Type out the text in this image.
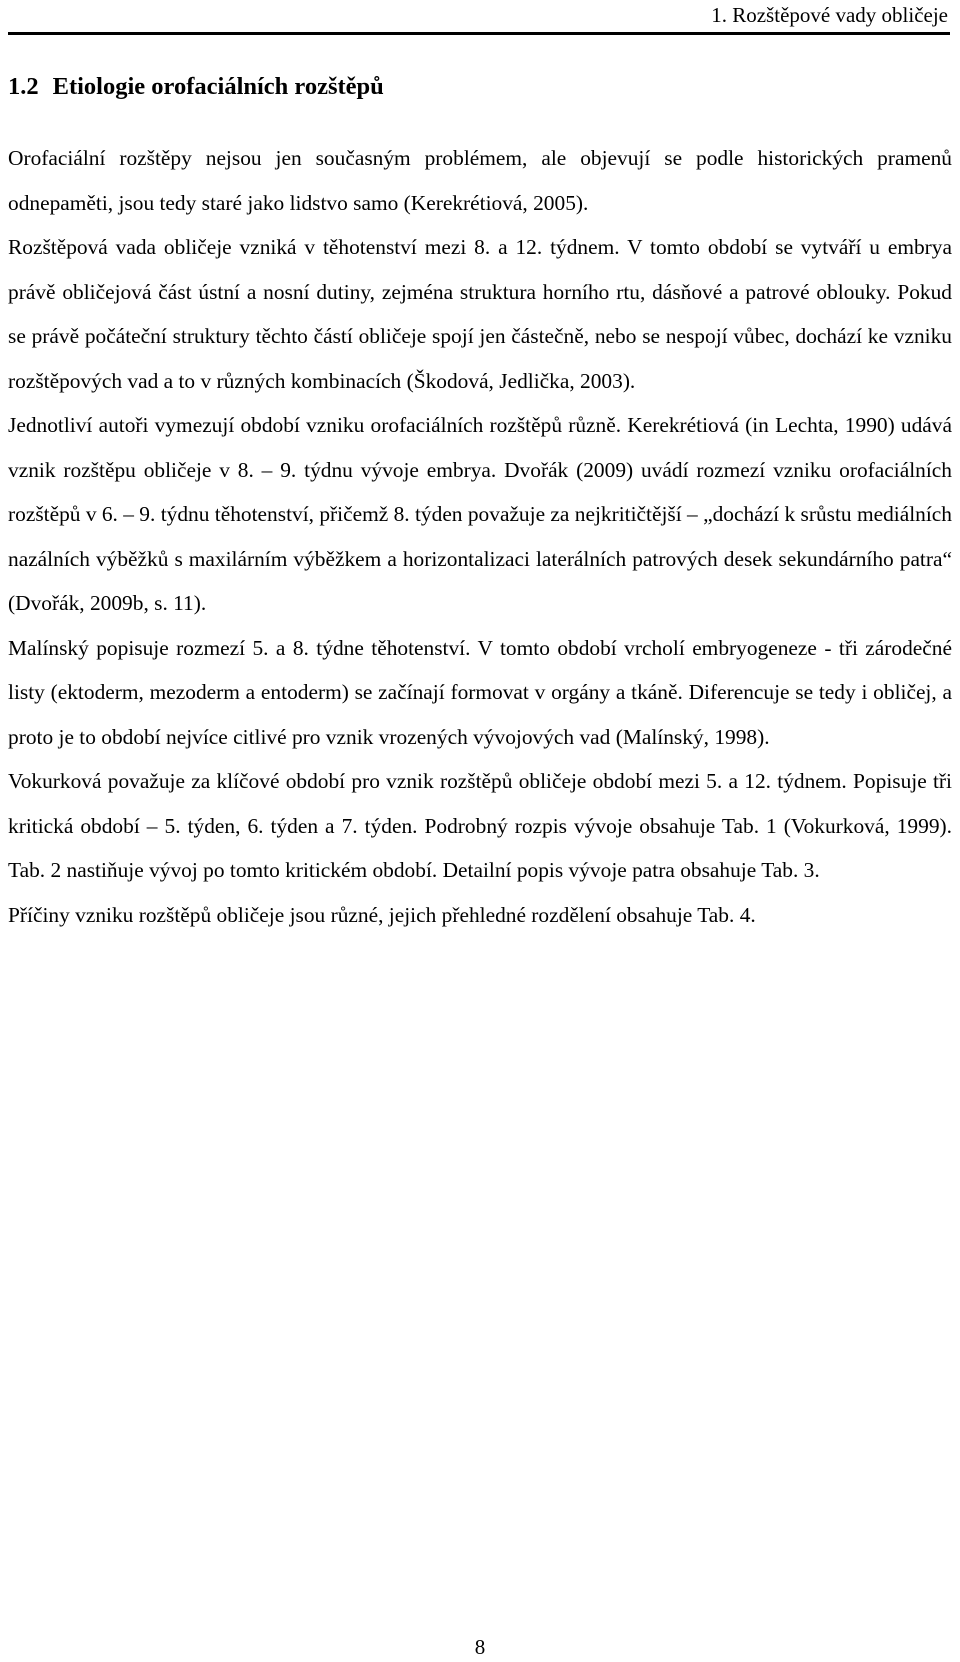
1. Rozštěpové vady obličeje
1.2 Etiologie orofaciálních rozštěpů

Orofaciální rozštěpy nejsou jen současným problémem, ale objevují se podle historických pramenů odnepaměti, jsou tedy staré jako lidstvo samo (Kerekrétiová, 2005).

Rozštěpová vada obličeje vzniká v těhotenství mezi 8. a 12. týdnem. V tomto období se vytváří u embrya právě obličejová část ústní a nosní dutiny, zejména struktura horního rtu, dásňové a patrové oblouky. Pokud se právě počáteční struktury těchto částí obličeje spojí jen částečně, nebo se nespojí vůbec, dochází ke vzniku rozštěpových vad a to v různých kombinacích (Škodová, Jedlička, 2003).

Jednotliví autoři vymezují období vzniku orofaciálních rozštěpů různě. Kerekrétiová (in Lechta, 1990) udává vznik rozštěpu obličeje v 8. – 9. týdnu vývoje embrya. Dvořák (2009) uvádí rozmezí vzniku orofaciálních rozštěpů v 6. – 9. týdnu těhotenství, přičemž 8. týden považuje za nejkritičtější – „dochází k srůstu mediálních nazálních výběžků s maxilárním výběžkem a horizontalizaci laterálních patrových desek sekundárního patra“ (Dvořák, 2009b, s. 11).

Malínský popisuje rozmezí 5. a 8. týdne těhotenství. V tomto období vrcholí embryogeneze - tři zárodečné listy (ektoderm, mezoderm a entoderm) se začínají formovat v orgány a tkáně. Diferencuje se tedy i obličej, a proto je to období nejvíce citlivé pro vznik vrozených vývojových vad (Malínský, 1998).

Vokurková považuje za klíčové období pro vznik rozštěpů obličeje období mezi 5. a 12. týdnem. Popisuje tři kritická období – 5. týden, 6. týden a 7. týden. Podrobný rozpis vývoje obsahuje Tab. 1 (Vokurková, 1999). Tab. 2 nastiňuje vývoj po tomto kritickém období. Detailní popis vývoje patra obsahuje Tab. 3.

Příčiny vzniku rozštěpů obličeje jsou různé, jejich přehledné rozdělení obsahuje Tab. 4.

8
